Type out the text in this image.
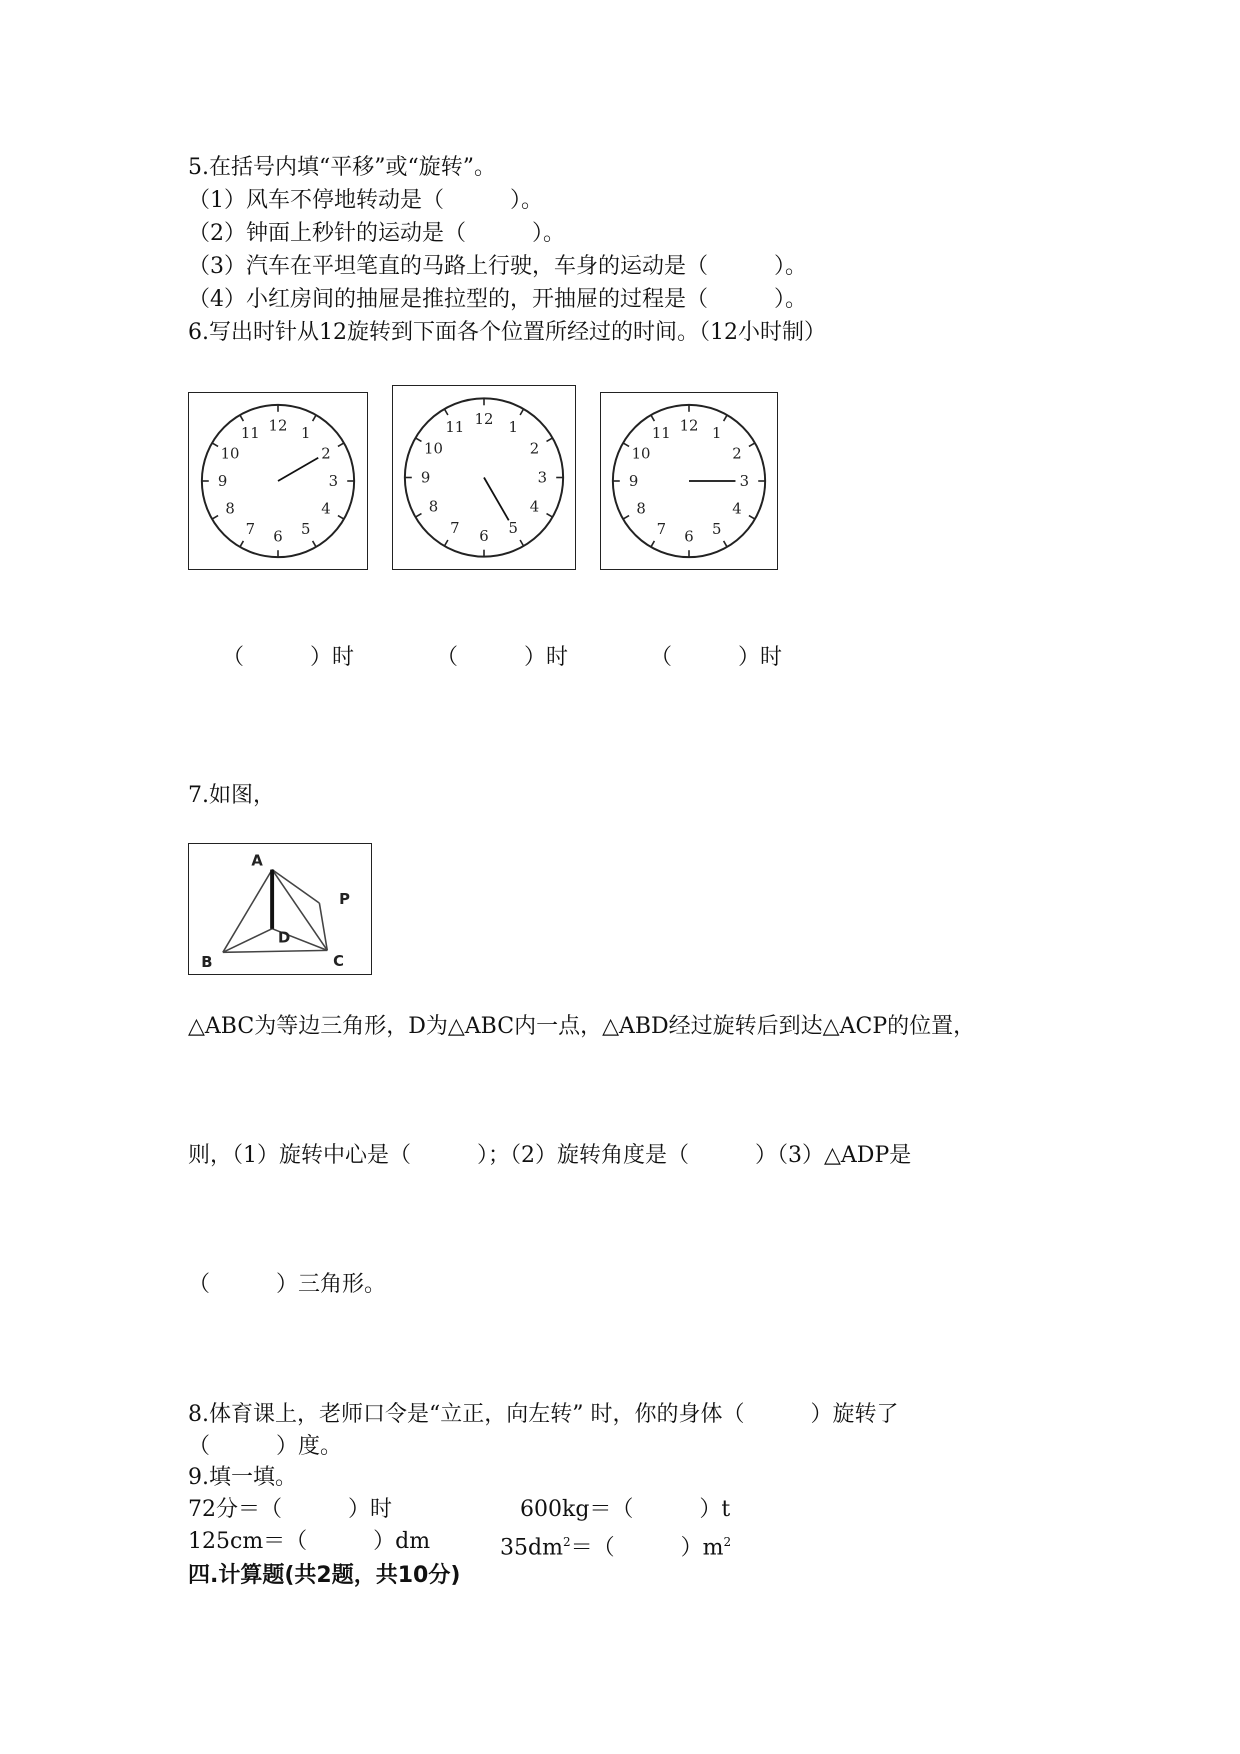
5.在括号内填“平移”或“旋转”。
（1）风车不停地转动是（　　　）。
（2）钟面上秒针的运动是（　　　）。
（3）汽车在平坦笔直的马路上行驶，车身的运动是（　　　）。
（4）小红房间的抽屉是推拉型的，开抽屉的过程是（　　　）。
6.写出时针从12旋转到下面各个位置所经过的时间。（12小时制）
12 1
2
3
4
5
6
7
8
9
10
11
12 1
2
3
4
5
6
7
8
9
10
11	12 1
2
3
4
5
6
7
8
9
10
11
（　　　）时	（　　　）时	（　　　）时
7.如图，
A
B	C
D
P
△ABC为等边三角形，D为△ABC内一点，△ABD经过旋转后到达△ACP的位置，
则，（1）旋转中心是（　　　）；（2）旋转角度是（　　　）（3）△ADP是
（　　　）三角形。
8.体育课上，老师口令是“立正，向左转” 时，你的身体（　　　）旋转了
（　　　）度。
9.填一填。
72分＝（　　　）时	600kg＝（　　　）t
125cm＝（　　　）dm	$35dm^2=$（　　　）$m^2$
四.计算题(共2题，共10分)
